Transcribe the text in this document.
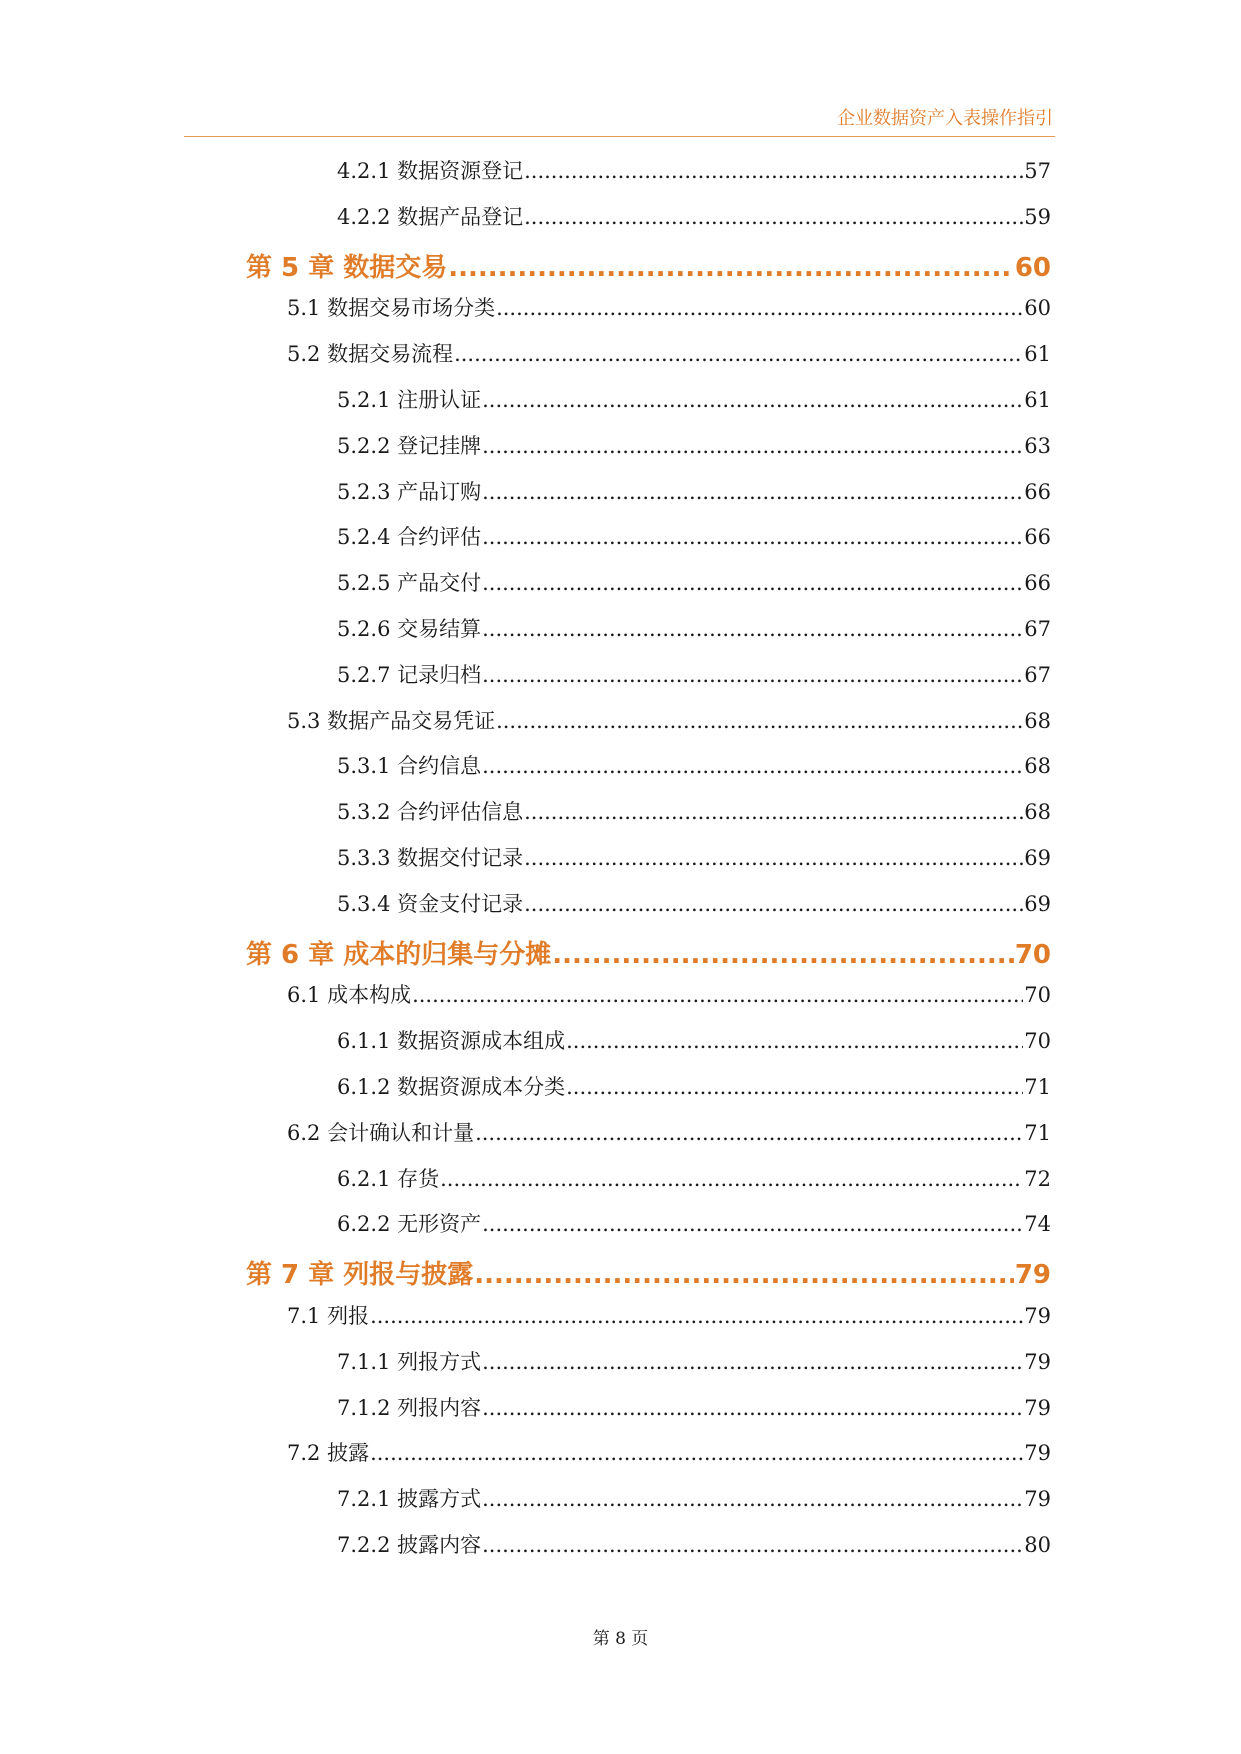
企业数据资产入表操作指引
4.2.1 数据资源登记 .....	57
4.2.2 数据产品登记 .....	59
第 5 章 数据交易 .....	60
5.1 数据交易市场分类 .....	60
5.2 数据交易流程 .....	61
5.2.1 注册认证 .....	61
5.2.2 登记挂牌 .....	63
5.2.3 产品订购 .....	66
5.2.4 合约评估 .....	66
5.2.5 产品交付 .....	66
5.2.6 交易结算 .....	67
5.2.7 记录归档 .....	67
5.3 数据产品交易凭证 .....	68
5.3.1 合约信息 .....	68
5.3.2 合约评估信息 .....	68
5.3.3 数据交付记录 .....	69
5.3.4 资金支付记录 .....	69
第 6 章 成本的归集与分摊 .....	70
6.1 成本构成 .....	70
6.1.1 数据资源成本组成 .....	70
6.1.2 数据资源成本分类 .....	71
6.2 会计确认和计量 .....	71
6.2.1 存货 .....	72
6.2.2 无形资产 .....	74
第 7 章 列报与披露 .....	79
7.1 列报 .....	79
7.1.1 列报方式 .....	79
7.1.2 列报内容 .....	79
7.2 披露 .....	79
7.2.1 披露方式 .....	79
7.2.2 披露内容 .....	80
第 8 页
